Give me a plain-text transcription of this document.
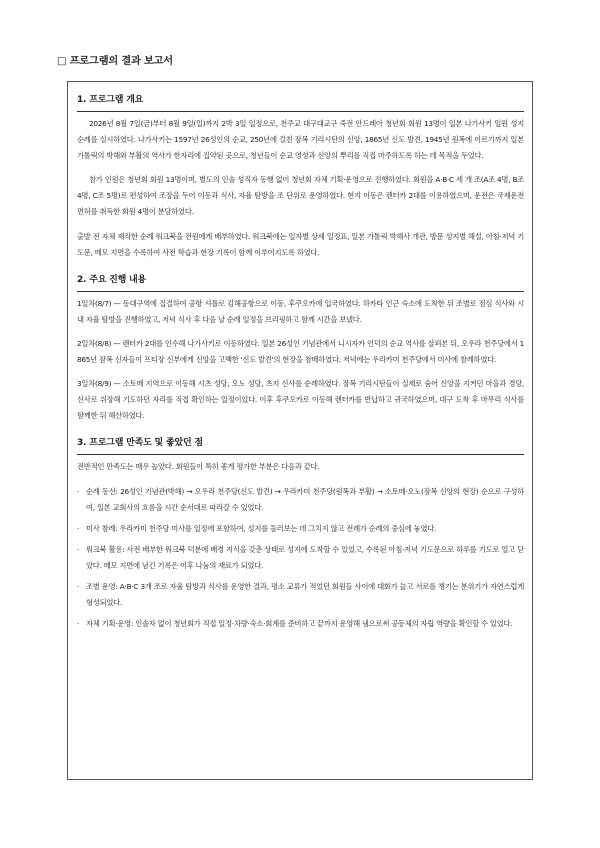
□ 프로그램의 결과 보고서
1. 프로그램 개요

2026년 8월 7일(금)부터 8월 9일(일)까지 2박 3일 일정으로, 천주교 대구대교구 죽전 안드레아 청년회 회원 13명이 일본 나가사키 일원 성지순례를 실시하였다. 나가사키는 1597년 26성인의 순교, 250년에 걸친 잠복 기리시탄의 신앙, 1865년 신도 발견, 1945년 원폭에 이르기까지 일본 가톨릭의 박해와 부활의 역사가 한자리에 집약된 곳으로, 청년들이 순교 영성과 신앙의 뿌리를 직접 마주하도록 하는 데 목적을 두었다.

참가 인원은 청년회 회원 13명이며, 별도의 인솔 성직자 동행 없이 청년회 자체 기획·운영으로 진행하였다. 회원을 A·B·C 세 개 조(A조 4명, B조 4명, C조 5명)로 편성하여 조장을 두어 이동과 식사, 자율 탐방을 조 단위로 운영하였다. 현지 이동은 렌터카 2대를 이용하였으며, 운전은 국제운전면허를 취득한 회원 4명이 분담하였다.

출발 전 자체 제작한 순례 워크북을 전원에게 배부하였다. 워크북에는 일자별 상세 일정표, 일본 가톨릭 박해사 개관, 방문 성지별 해설, 아침·저녁 기도문, 메모 지면을 수록하여 사전 학습과 현장 기록이 함께 이루어지도록 하였다.

2. 주요 진행 내용

1일차(8/7) — 동대구역에 집결하여 공항 셔틀로 김해공항으로 이동, 후쿠오카에 입국하였다. 하카타 인근 숙소에 도착한 뒤 조별로 점심 식사와 시내 자율 탐방을 진행하였고, 저녁 식사 후 다음 날 순례 일정을 브리핑하고 함께 시간을 보냈다.

2일차(8/8) — 렌터카 2대를 인수해 나가사키로 이동하였다. 일본 26성인 기념관에서 니시자카 언덕의 순교 역사를 살펴본 뒤, 오우라 천주당에서 1865년 잠복 신자들이 프티장 신부에게 신앙을 고백한 '신도 발견'의 현장을 참배하였다. 저녁에는 우라카미 천주당에서 미사에 참례하였다.

3일차(8/9) — 소토메 지역으로 이동해 시츠 성당, 오노 성당, 츠지 신사를 순례하였다. 잠복 기리시탄들이 실제로 숨어 신앙을 지켜던 마을과 경당, 신사로 위장해 기도하던 자리를 직접 확인하는 일정이었다. 이후 후쿠오카로 이동해 렌터카를 반납하고 귀국하였으며, 대구 도착 후 마무리 식사를 함께한 뒤 해산하였다.

3. 프로그램 만족도 및 좋았던 점

전반적인 만족도는 매우 높았다. 회원들이 특히 좋게 평가한 부분은 다음과 같다.

· 순례 동선: 26성인 기념관(박해) → 오우라 천주당(신도 발견) → 우라카미 천주당(원폭과 부활) → 소토메·오노(잠복 신앙의 현장) 순으로 구성하여, 일본 교회사의 흐름을 시간 순서대로 따라갈 수 있었다.
· 미사 참례: 우라카미 천주당 미사를 일정에 포함하여, 성지를 둘러보는 데 그치지 않고 전례가 순례의 중심에 놓였다.
· 워크북 활용: 사전 배부한 워크북 덕분에 배경 지식을 갖춘 상태로 성지에 도착할 수 있었고, 수록된 아침·저녁 기도문으로 하루를 기도로 열고 닫았다. 메모 지면에 남긴 기록은 이후 나눔의 재료가 되었다.
· 조별 운영: A·B·C 3개 조로 자율 탐방과 식사를 운영한 결과, 평소 교류가 적었던 회원들 사이에 대화가 늘고 서로를 챙기는 분위기가 자연스럽게 형성되었다.
· 자체 기획·운영: 인솔자 없이 청년회가 직접 일정·차량·숙소·회계를 준비하고 끝까지 운영해 냄으로써 공동체의 자립 역량을 확인할 수 있었다.
